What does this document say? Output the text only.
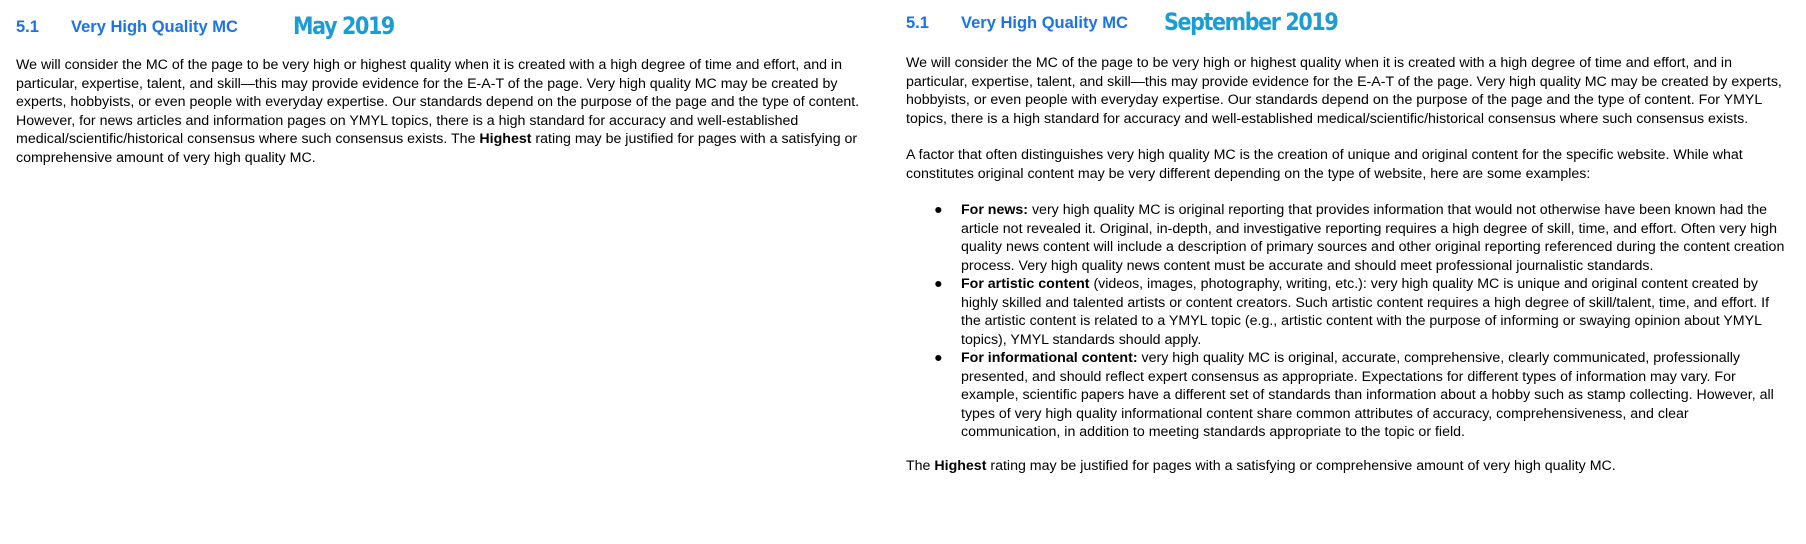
5.1 Very High Quality MC May 2019

We will consider the MC of the page to be very high or highest quality when it is created with a high degree of time and effort, and in particular, expertise, talent, and skill—this may provide evidence for the E-A-T of the page. Very high quality MC may be created by experts, hobbyists, or even people with everyday expertise. Our standards depend on the purpose of the page and the type of content. However, for news articles and information pages on YMYL topics, there is a high standard for accuracy and well-established medical/scientific/historical consensus where such consensus exists. The Highest rating may be justified for pages with a satisfying or comprehensive amount of very high quality MC.

5.1 Very High Quality MC September 2019

We will consider the MC of the page to be very high or highest quality when it is created with a high degree of time and effort, and in particular, expertise, talent, and skill—this may provide evidence for the E-A-T of the page. Very high quality MC may be created by experts, hobbyists, or even people with everyday expertise. Our standards depend on the purpose of the page and the type of content. For YMYL topics, there is a high standard for accuracy and well-established medical/scientific/historical consensus where such consensus exists.

A factor that often distinguishes very high quality MC is the creation of unique and original content for the specific website. While what constitutes original content may be very different depending on the type of website, here are some examples:

● For news: very high quality MC is original reporting that provides information that would not otherwise have been known had the article not revealed it. Original, in-depth, and investigative reporting requires a high degree of skill, time, and effort. Often very high quality news content will include a description of primary sources and other original reporting referenced during the content creation process. Very high quality news content must be accurate and should meet professional journalistic standards.
● For artistic content (videos, images, photography, writing, etc.): very high quality MC is unique and original content created by highly skilled and talented artists or content creators. Such artistic content requires a high degree of skill/talent, time, and effort. If the artistic content is related to a YMYL topic (e.g., artistic content with the purpose of informing or swaying opinion about YMYL topics), YMYL standards should apply.
● For informational content: very high quality MC is original, accurate, comprehensive, clearly communicated, professionally presented, and should reflect expert consensus as appropriate. Expectations for different types of information may vary. For example, scientific papers have a different set of standards than information about a hobby such as stamp collecting. However, all types of very high quality informational content share common attributes of accuracy, comprehensiveness, and clear communication, in addition to meeting standards appropriate to the topic or field.

The Highest rating may be justified for pages with a satisfying or comprehensive amount of very high quality MC.
